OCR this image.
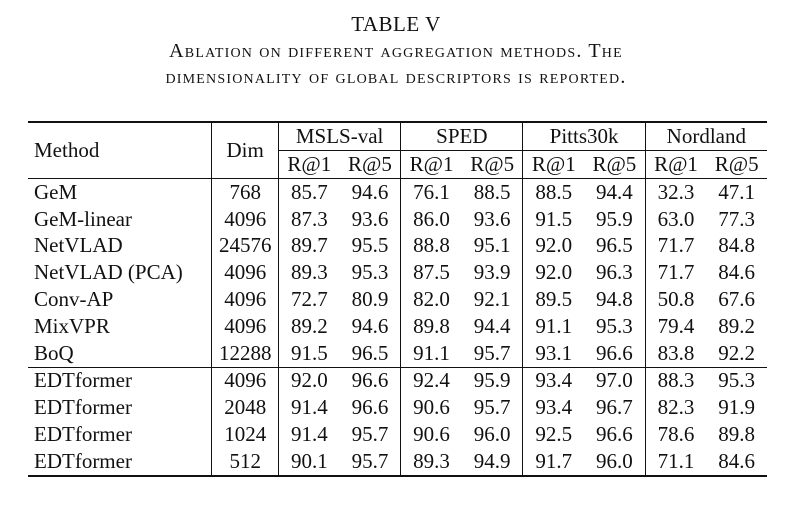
TABLE V
Ablation on different aggregation methods. The
dimensionality of global descriptors is reported.
Method	Dim	MSLS-val		SPED		Pitts30k		Nordland	
		R@1	R@5	R@1	R@5	R@1	R@5	R@1	R@5
GeM	768	85.7	94.6	76.1	88.5	88.5	94.4	32.3	47.1
GeM-linear	4096	87.3	93.6	86.0	93.6	91.5	95.9	63.0	77.3
NetVLAD	24576	89.7	95.5	88.8	95.1	92.0	96.5	71.7	84.8
NetVLAD (PCA)	4096	89.3	95.3	87.5	93.9	92.0	96.3	71.7	84.6
Conv-AP	4096	72.7	80.9	82.0	92.1	89.5	94.8	50.8	67.6
MixVPR	4096	89.2	94.6	89.8	94.4	91.1	95.3	79.4	89.2
BoQ	12288	91.5	96.5	91.1	95.7	93.1	96.6	83.8	92.2
EDTformer	4096	92.0	96.6	92.4	95.9	93.4	97.0	88.3	95.3
EDTformer	2048	91.4	96.6	90.6	95.7	93.4	96.7	82.3	91.9
EDTformer	1024	91.4	95.7	90.6	96.0	92.5	96.6	78.6	89.8
EDTformer	512	90.1	95.7	89.3	94.9	91.7	96.0	71.1	84.6
